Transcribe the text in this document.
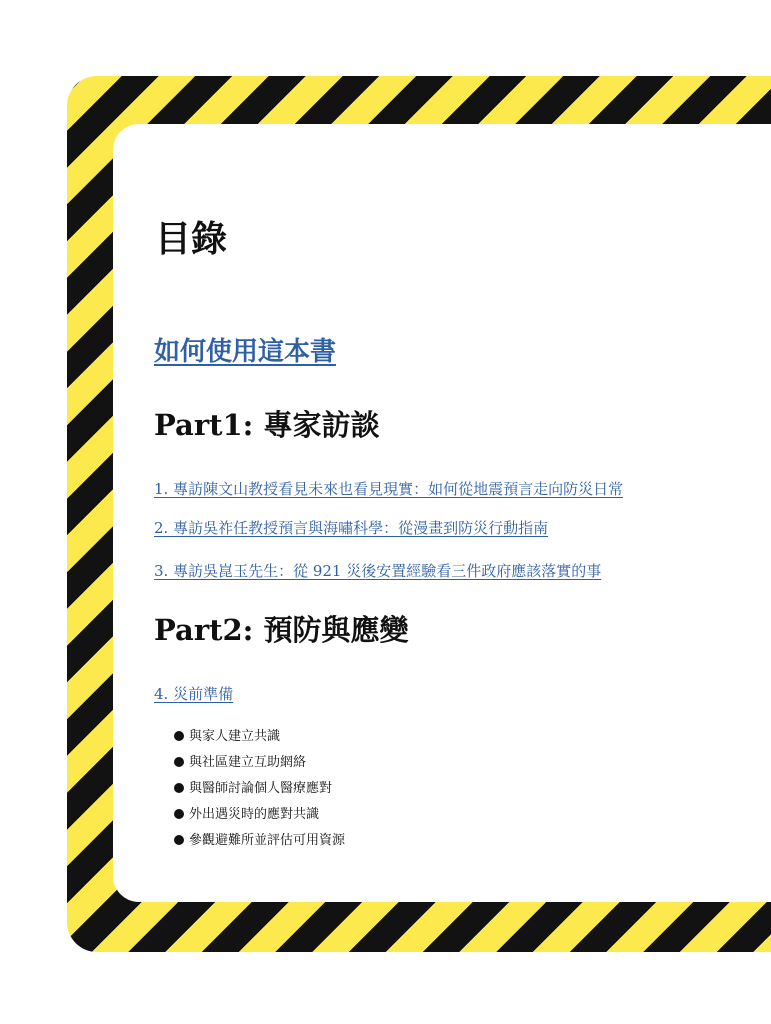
目錄
如何使用這本書
Part1: 專家訪談
1. 專訪陳文山教授看見未來也看見現實：如何從地震預言走向防災日常
2. 專訪吳祚任教授預言與海嘯科學：從漫畫到防災行動指南
3. 專訪吳崑玉先生：從 921 災後安置經驗看三件政府應該落實的事
Part2: 預防與應變
4. 災前準備
與家人建立共識
與社區建立互助網絡
與醫師討論個人醫療應對
外出遇災時的應對共識
參觀避難所並評估可用資源
